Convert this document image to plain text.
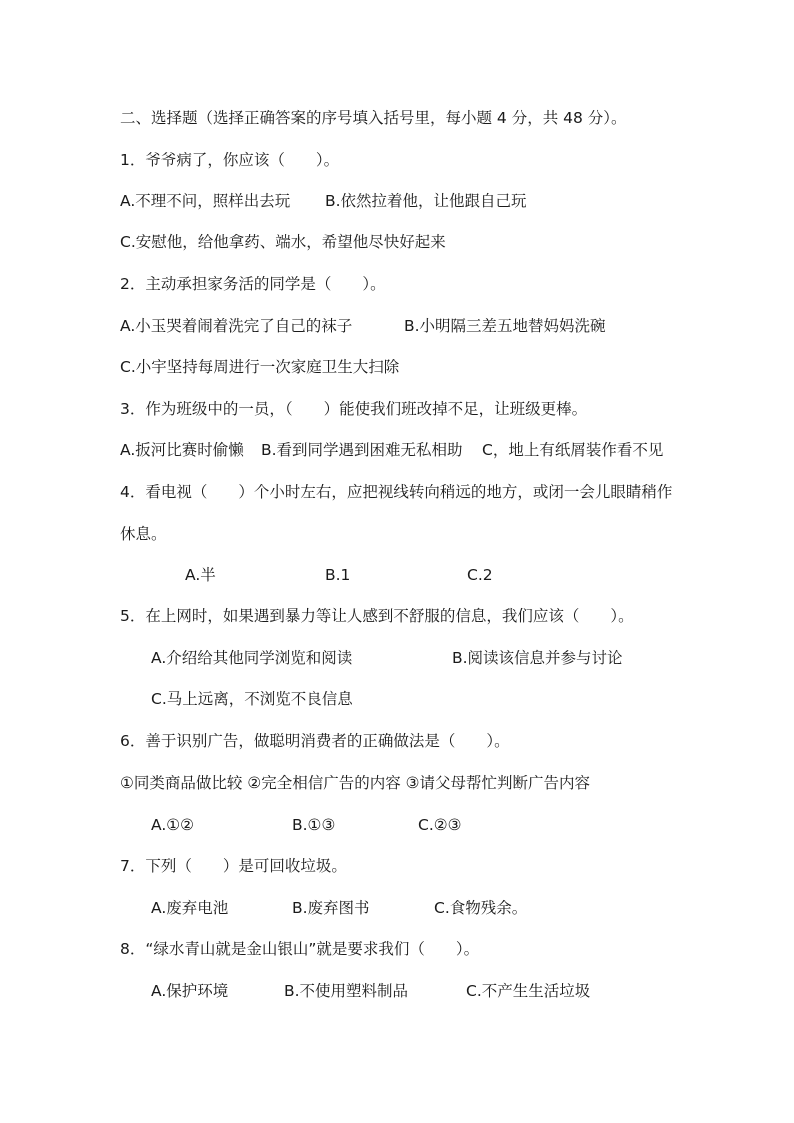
二、选择题（选择正确答案的序号填入括号里，每小题 4 分，共 48 分）。
1．爷爷病了，你应该（　　）。
A.不理不问，照样出去玩 B.依然拉着他，让他跟自己玩
C.安慰他，给他拿药、端水，希望他尽快好起来
2．主动承担家务活的同学是（　　）。
A.小玉哭着闹着洗完了自己的袜子	B.小明隔三差五地替妈妈洗碗
C.小宇坚持每周进行一次家庭卫生大扫除
3．作为班级中的一员，（　　）能使我们班改掉不足，让班级更棒。
A.扳河比赛时偷懒 B.看到同学遇到困难无私相助 C，地上有纸屑装作看不见
4．看电视（　　）个小时左右，应把视线转向稍远的地方，或闭一会儿眼睛稍作
休息。
A.半	B.1	C.2
5．在上网时，如果遇到暴力等让人感到不舒服的信息，我们应该（　　）。
A.介绍给其他同学浏览和阅读	B.阅读该信息并参与讨论
C.马上远离，不浏览不良信息
6．善于识别广告，做聪明消费者的正确做法是（　　）。
①同类商品做比较 ②完全相信广告的内容 ③请父母帮忙判断广告内容
A.①②	B.①③	C.②③
7．下列（　　）是可回收垃圾。
A.废弃电池	B.废弃图书	C.食物残余。
8．“绿水青山就是金山银山”就是要求我们（　　）。
A.保护环境	B.不使用塑料制品	C.不产生生活垃圾
